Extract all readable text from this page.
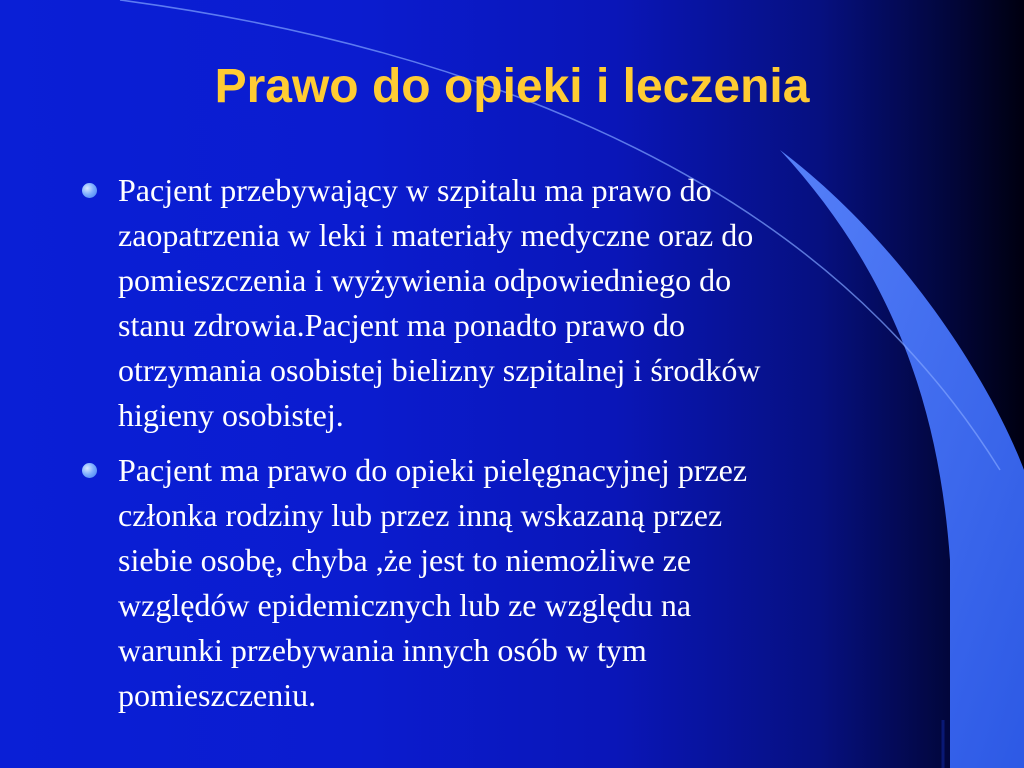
Prawo do opieki i leczenia
Pacjent przebywający w szpitalu ma prawo do
zaopatrzenia w leki i materiały medyczne oraz do
pomieszczenia i wyżywienia odpowiedniego do
stanu zdrowia.Pacjent ma ponadto prawo do
otrzymania osobistej bielizny szpitalnej i środków
higieny osobistej.
Pacjent ma prawo do opieki pielęgnacyjnej przez
członka rodziny lub przez inną wskazaną przez
siebie osobę, chyba ,że jest to niemożliwe ze
względów epidemicznych lub ze względu na
warunki przebywania innych osób w tym
pomieszczeniu.
